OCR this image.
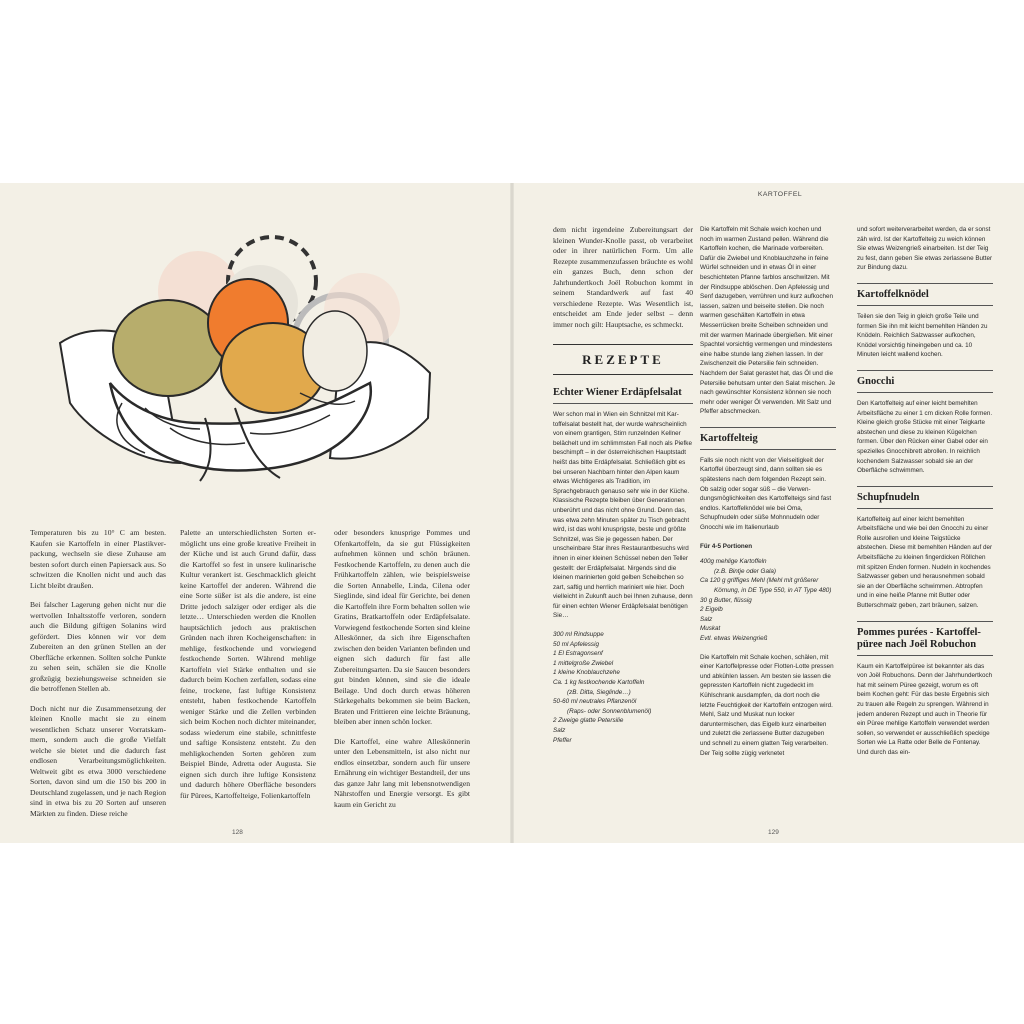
Temperaturen bis zu 10° C am besten. Kaufen sie Kartoffeln in einer Plastikverpackung, wechseln sie diese Zuhause am besten sofort durch einen Papiersack aus. So schwitzen die Knollen nicht und auch das Licht bleibt draußen.

Bei falscher Lagerung gehen nicht nur die wertvollen Inhaltsstoffe verloren, sondern auch die Bildung giftigen Solanins wird gefördert. Dies können wir vor dem Zubereiten an den grünen Stellen an der Oberfläche erkennen. Sollten solche Punkte zu sehen sein, schälen sie die Knolle großzügig beziehungsweise schneiden sie die betroffenen Stellen ab.

Doch nicht nur die Zusammensetzung der kleinen Knolle macht sie zu einem wesentlichen Schatz unserer Vorratskammern, sondern auch die große Vielfalt welche sie bietet und die dadurch fast endlosen Verarbeitungsmöglichkeiten. Weltweit gibt es etwa 3000 verschiedene Sorten, davon sind um die 150 bis 200 in Deutschland zugelassen, und je nach Region sind in etwa bis zu 20 Sorten auf unseren Märkten zu finden. Diese reiche

Palette an unterschiedlichsten Sorten ermöglicht uns eine große kreative Freiheit in der Küche und ist auch Grund dafür, dass die Kartoffel so fest in unsere kulinarische Kultur verankert ist. Geschmacklich gleicht keine Kartoffel der anderen. Während die eine Sorte süßer ist als die andere, ist eine Dritte jedoch salziger oder erdiger als die letzte… Unterschieden werden die Knollen hauptsächlich jedoch aus praktischen Gründen nach ihren Kocheigenschaften: in mehlige, festkochende und vorwiegend festkochende Sorten. Während mehlige Kartoffeln viel Stärke enthalten und sie dadurch beim Kochen zerfallen, sodass eine feine, trockene, fast luftige Konsistenz entsteht, haben festkochende Kartoffeln weniger Stärke und die Zellen verbinden sich beim Kochen noch dichter miteinander, sodass wiederum eine stabile, schnittfeste und saftige Konsistenz entsteht. Zu den mehligkochenden Sorten gehören zum Beispiel Binde, Adretta oder Augusta. Sie eignen sich durch ihre luftige Konsistenz und dadurch höhere Oberfläche besonders für Pürees, Kartoffelteige, Folienkartoffeln

oder besonders knusprige Pommes und Ofenkartoffeln, da sie gut Flüssigkeiten aufnehmen können und schön bräunen. Festkochende Kartoffeln, zu denen auch die Frühkartoffeln zählen, wie beispielsweise die Sorten Annabelle, Linda, Cilena oder Sieglinde, sind ideal für Gerichte, bei denen die Kartoffeln ihre Form behalten sollen wie Gratins, Bratkartoffeln oder Erdäpfelsalate. Vorwiegend festkochende Sorten sind kleine Alleskönner, da sich ihre Eigenschaften zwischen den beiden Varianten befinden und eignen sich dadurch für fast alle Zubereitungsarten. Da sie Saucen besonders gut binden können, sind sie die ideale Beilage. Und doch durch etwas höheren Stärkegehalts bekommen sie beim Backen, Braten und Frittieren eine leichte Bräunung, bleiben aber innen schön locker.

Die Kartoffel, eine wahre Alleskönnerin unter den Lebensmitteln, ist also nicht nur endlos einsetzbar, sondern auch für unsere Ernährung ein wichtiger Bestandteil, der uns das ganze Jahr lang mit lebensnotwendigen Nährstoffen und Energie versorgt. Es gibt kaum ein Gericht zu

128
KARTOFFEL

dem nicht irgendeine Zubereitungsart der kleinen Wunder-Knolle passt, ob verarbeitet oder in ihrer natürlichen Form. Um alle Rezepte zusammenzufassen bräuchte es wohl ein ganzes Buch, denn schon der Jahrhundertkoch Joël Robuchon kommt in seinem Standardwerk auf fast 40 verschiedene Rezepte. Was Wesentlich ist, entscheidet am Ende jeder selbst – denn immer noch gilt: Hauptsache, es schmeckt.

REZEPTE
Echter Wiener Erdäpfelsalat

Wer schon mal in Wien ein Schnitzel mit Kartoffelsalat bestellt hat, der wurde wahrscheinlich von einem grantigen, Stirn runzelnden Kellner belächelt und im schlimmsten Fall noch als Piefke beschimpft – in der österreichischen Hauptstadt heißt das bitte Erdäpfelsalat. Schließlich gibt es bei unseren Nachbarn hinter den Alpen kaum etwas Wichtigeres als Tradition, im Sprachgebrauch genauso sehr wie in der Küche. Klassische Rezepte bleiben über Generationen unberührt und das nicht ohne Grund. Denn das, was etwa zehn Minuten später zu Tisch gebracht wird, ist das wohl knusprigste, beste und größte Schnitzel, was Sie je gegessen haben. Der unscheinbare Star ihres Restaurantbesuchs wird ihnen in einer kleinen Schüssel neben den Teller gestellt: der Erdäpfelsalat. Nirgends sind die kleinen marinierten gold gelben Scheibchen so zart, saftig und herrlich mariniert wie hier. Doch vielleicht in Zukunft auch bei Ihnen zuhause, denn für einen echten Wiener Erdäpfelsalat benötigen Sie…

300 ml Rindsuppe
50 ml Apfelessig
1 El Estragonsenf
1 mittelgroße Zwiebel
1 kleine Knoblauchzehe
Ca. 1 kg festkochende Kartoffeln
(zB. Ditta, Sieglinde…)
50-60 ml neutrales Pflanzenöl
(Raps- oder Sonnenblumenöl)
2 Zweige glatte Petersilie
Salz
Pfeffer

Die Kartoffeln mit Schale weich kochen und noch im warmen Zustand pellen. Während die Kartoffeln kochen, die Marinade vorbereiten. Dafür die Zwiebel und Knoblauchzehe in feine Würfel schneiden und in etwas Öl in einer beschichteten Pfanne farblos anschwitzen. Mit der Rindsuppe ablöschen. Den Apfelessig und Senf dazugeben, verrühren und kurz aufkochen lassen, salzen und beiseite stellen. Die noch warmen geschälten Kartoffeln in etwa Messerrücken breite Scheiben schneiden und mit der warmen Marinade übergießen. Mit einer Spachtel vorsichtig vermengen und mindestens eine halbe stunde lang ziehen lassen. In der Zwischenzeit die Petersilie fein schneiden. Nachdem der Salat gerastet hat, das Öl und die Petersilie behutsam unter den Salat mischen. Je nach gewünschter Konsistenz können sie noch mehr oder weniger Öl verwenden. Mit Salz und Pfeffer abschmecken.

Kartoffelteig

Falls sie noch nicht von der Vielseitigkeit der Kartoffel überzeugt sind, dann sollten sie es spätestens nach dem folgenden Rezept sein. Ob salzig oder sogar süß – die Verwendungsmöglichkeiten des Kartoffelteigs sind fast endlos. Kartoffelknödel wie bei Oma, Schupfnudeln oder süße Mohnnudeln oder Gnocchi wie im Italienurlaub

Für 4-5 Portionen
400g mehlige Kartoffeln
(z.B. Bintje oder Gala)
Ca 120 g griffiges Mehl (Mehl mit größerer
Körnung, in DE Type 550, in AT Type 480)
30 g Butter, flüssig
2 Eigelb
Salz
Muskat
Evtl. etwas Weizengrieß

Die Kartoffeln mit Schale kochen, schälen, mit einer Kartoffelpresse oder Flotten-Lotte pressen und abkühlen lassen. Am besten sie lassen die gepressten Kartoffeln nicht zugedeckt im Kühlschrank ausdampfen, da dort noch die letzte Feuchtigkeit der Kartoffeln entzogen wird. Mehl, Salz und Muskat nun locker daruntermischen, das Eigelb kurz einarbeiten und zuletzt die zerlassene Butter dazugeben und schnell zu einem glatten Teig verarbeiten. Der Teig sollte zügig verknetet

und sofort weiterverarbeitet werden, da er sonst zäh wird. Ist der Kartoffelteig zu weich können Sie etwas Weizengrieß einarbeiten. Ist der Teig zu fest, dann geben Sie etwas zerlassene Butter zur Bindung dazu.

Kartoffelknödel

Teilen sie den Teig in gleich große Teile und formen Sie ihn mit leicht bemehlten Händen zu Knödeln. Reichlich Salzwasser aufkochen, Knödel vorsichtig hineingeben und ca. 10 Minuten leicht wallend kochen.

Gnocchi

Den Kartoffelteig auf einer leicht bemehlten Arbeitsfläche zu einer 1 cm dicken Rolle formen. Kleine gleich große Stücke mit einer Teigkarte abstechen und diese zu kleinen Kügelchen formen. Über den Rücken einer Gabel oder ein spezielles Gnocchibrett abrollen. In reichlich kochendem Salzwasser sobald sie an der Oberfläche schwimmen.

Schupfnudeln

Kartoffelteig auf einer leicht bemehlten Arbeitsfläche und wie bei den Gnocchi zu einer Rolle ausrollen und kleine Teigstücke abstechen. Diese mit bemehlten Händen auf der Arbeitsfläche zu kleinen fingerdicken Röllchen mit spitzen Enden formen. Nudeln in kochendes Salzwasser geben und herausnehmen sobald sie an der Oberfläche schwimmen. Abtropfen und in eine heiße Pfanne mit Butter oder Butterschmalz geben, zart bräunen, salzen.

Pommes purées - Kartoffelpüree nach Joël Robuchon

Kaum ein Kartoffelpüree ist bekannter als das von Joël Robuchons. Denn der Jahrhundertkoch hat mit seinem Püree gezeigt, worum es oft beim Kochen geht: Für das beste Ergebnis sich zu trauen alle Regeln zu sprengen. Während in jedem anderen Rezept und auch in Theorie für ein Püree mehlige Kartoffeln verwendet werden sollen, so verwendet er ausschließlich speckige Sorten wie La Ratte oder Belle de Fontenay. Und durch das ein-

129
